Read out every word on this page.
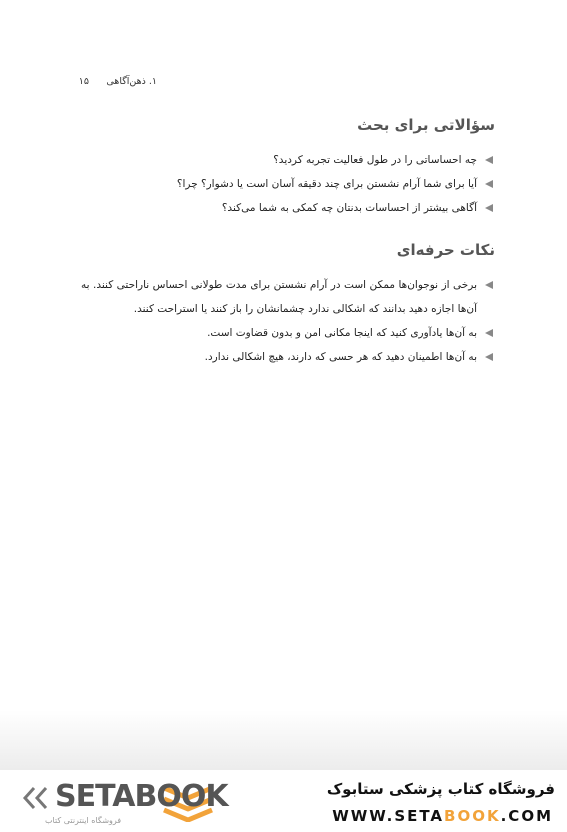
۱. ذهن‌آگاهی
۱۵
سؤالاتی برای بحث
چه احساساتی را در طول فعالیت تجربه کردید؟
آیا برای شما آرام نشستن برای چند دقیقه آسان است یا دشوار؟ چرا؟
آگاهی بیشتر از احساسات بدنتان چه کمکی به شما می‌کند؟
نکات حرفه‌ای
برخی از نوجوان‌ها ممکن است در آرام نشستن برای مدت طولانی احساس ناراحتی کنند. به آن‌ها اجازه دهید بدانند که اشکالی ندارد چشمانشان را باز کنند یا استراحت کنند.
به آن‌ها یادآوری کنید که اینجا مکانی امن و بدون قضاوت است.
به آن‌ها اطمینان دهید که هر حسی که دارند، هیچ اشکالی ندارد.
فروشگاه کتاب پزشکی ستابوک
WWW.SETABOOK.COM
SETABOOK
فروشگاه اینترنتی کتاب
